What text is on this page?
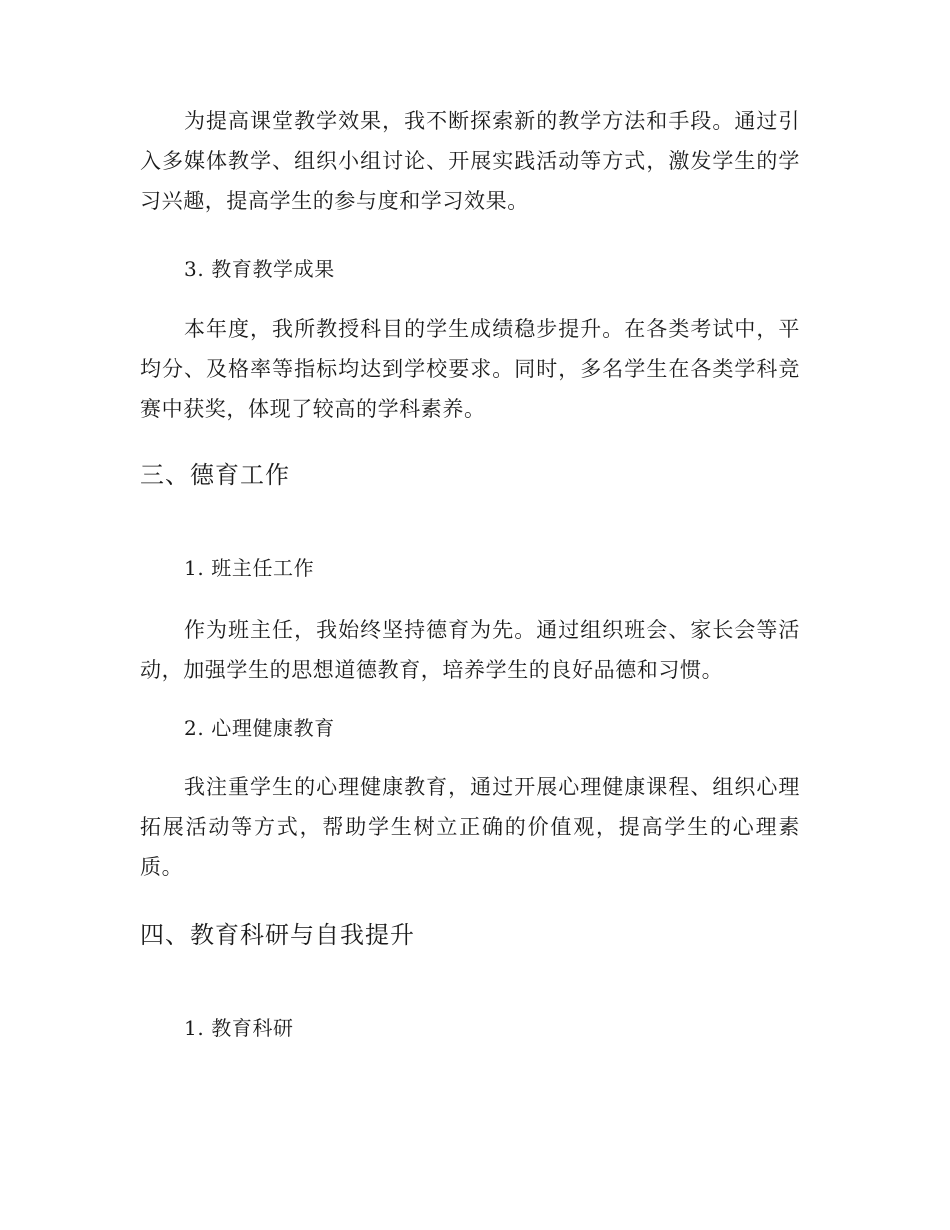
为提高课堂教学效果，我不断探索新的教学方法和手段。通过引入多媒体教学、组织小组讨论、开展实践活动等方式，激发学生的学习兴趣，提高学生的参与度和学习效果。

3. 教育教学成果

本年度，我所教授科目的学生成绩稳步提升。在各类考试中，平均分、及格率等指标均达到学校要求。同时，多名学生在各类学科竞赛中获奖，体现了较高的学科素养。

三、德育工作

1. 班主任工作

作为班主任，我始终坚持德育为先。通过组织班会、家长会等活动，加强学生的思想道德教育，培养学生的良好品德和习惯。

2. 心理健康教育

我注重学生的心理健康教育，通过开展心理健康课程、组织心理拓展活动等方式，帮助学生树立正确的价值观，提高学生的心理素质。

四、教育科研与自我提升

1. 教育科研
